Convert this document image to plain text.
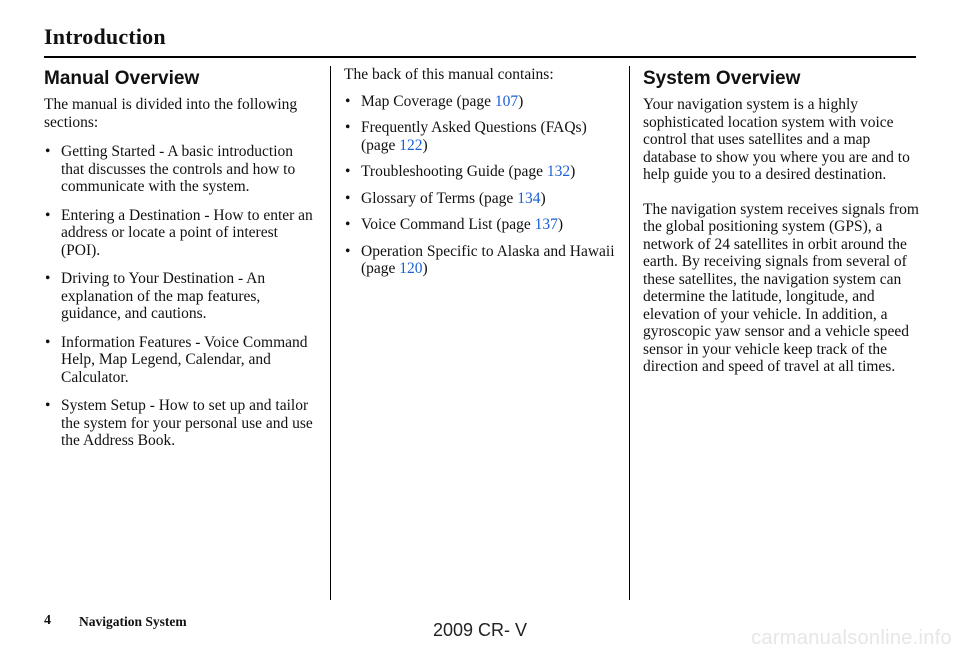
Introduction
Manual Overview

The manual is divided into the following sections:

• Getting Started - A basic introduction that discusses the controls and how to communicate with the system.
• Entering a Destination - How to enter an address or locate a point of interest (POI).
• Driving to Your Destination - An explanation of the map features, guidance, and cautions.
• Information Features - Voice Command Help, Map Legend, Calendar, and Calculator.
• System Setup - How to set up and tailor the system for your personal use and use the Address Book.

The back of this manual contains:

• Map Coverage (page 107)
• Frequently Asked Questions (FAQs) (page 122)
• Troubleshooting Guide (page 132)
• Glossary of Terms (page 134)
• Voice Command List (page 137)
• Operation Specific to Alaska and Hawaii (page 120)
System Overview

Your navigation system is a highly sophisticated location system with voice control that uses satellites and a map database to show you where you are and to help guide you to a desired destination.

The navigation system receives signals from the global positioning system (GPS), a network of 24 satellites in orbit around the earth. By receiving signals from several of these satellites, the navigation system can determine the latitude, longitude, and elevation of your vehicle. In addition, a gyroscopic yaw sensor and a vehicle speed sensor in your vehicle keep track of the direction and speed of travel at all times.

4 Navigation System	2009 CR- V	carmanualsonline.info
